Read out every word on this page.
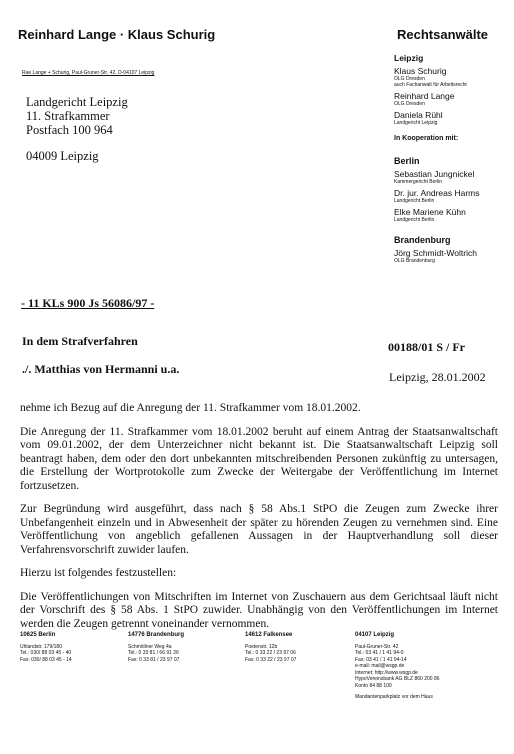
Reinhard Lange · Klaus Schurig	Rechtsanwälte
Rae Lange + Schurig, Paul-Gruner-Str. 42, D-04107 Leipzig
Landgericht Leipzig
11. Strafkammer
Postfach 100 964
04009 Leipzig
Leipzig
Klaus Schurig
OLG Dresden
auch Fachanwalt für Arbeitsrecht
Reinhard Lange
OLG Dresden
Daniela Rühl
Landgericht Leipzig
In Kooperation mit:
Berlin
Sebastian Jungnickel
Kammergericht Berlin
Dr. jur. Andreas Harms
Landgericht Berlin
Elke Mariene Kühn
Landgericht Berlin
Brandenburg
Jörg Schmidt-Woltrich
OLG Brandenburg
- 11 KLs 900 Js 56086/97 -
In dem Strafverfahren
./. Matthias von Hermanni u.a.
00188/01 S / Fr
Leipzig, 28.01.2002

nehme ich Bezug auf die Anregung der 11. Strafkammer vom 18.01.2002.

Die Anregung der 11. Strafkammer vom 18.01.2002 beruht auf einem Antrag der Staatsanwaltschaft vom 09.01.2002, der dem Unterzeichner nicht bekannt ist. Die Staatsanwaltschaft Leipzig soll beantragt haben, dem oder den dort unbekannten mitschreibenden Personen zukünftig zu untersagen, die Erstellung der Wortprotokolle zum Zwecke der Weitergabe der Veröffentlichung im Internet fortzusetzen.

Zur Begründung wird ausgeführt, dass nach § 58 Abs.1 StPO die Zeugen zum Zwecke ihrer Unbefangenheit einzeln und in Abwesenheit der später zu hörenden Zeugen zu vernehmen sind. Eine Veröffentlichung von angeblich gefallenen Aussagen in der Hauptverhandlung soll dieser Verfahrensvorschrift zuwider laufen.

Hierzu ist folgendes festzustellen:

Die Veröffentlichungen von Mitschriften im Internet von Zuschauern aus dem Gerichtsaal läuft nicht der Vorschrift des § 58 Abs. 1 StPO zuwider. Unabhängig von den Veröffentlichungen im Internet werden die Zeugen getrennt voneinander vernommen.

10625 Berlin
Uhlandstr. 179/180
Tel.: 030/ 88 03 45 - 40
Fax: 030/ 88 03 45 - 14
14776 Brandenburg
Schmöllner Weg 4a
Tel.: 0 33 81 / 66 91 26
Fax: 0 33 81 / 23 97 07
14612 Falkensee
Poetenstr. 12b
Tel.: 0 33 22 / 23 97 06
Fax: 0 33 22 / 23 97 07
04107 Leipzig
Paul-Gruner-Str. 42
Tel.: 03 41 / 1 41 94-0
Fax: 03 41 / 1 41 94-14
e-mail: mail@wsgp.de
Internet: http://www.wsgp.de
HypoVereinsbank AG BLZ 860 200 86
Konto 84 88 100
Mandantenparkplatz vor dem Haus
